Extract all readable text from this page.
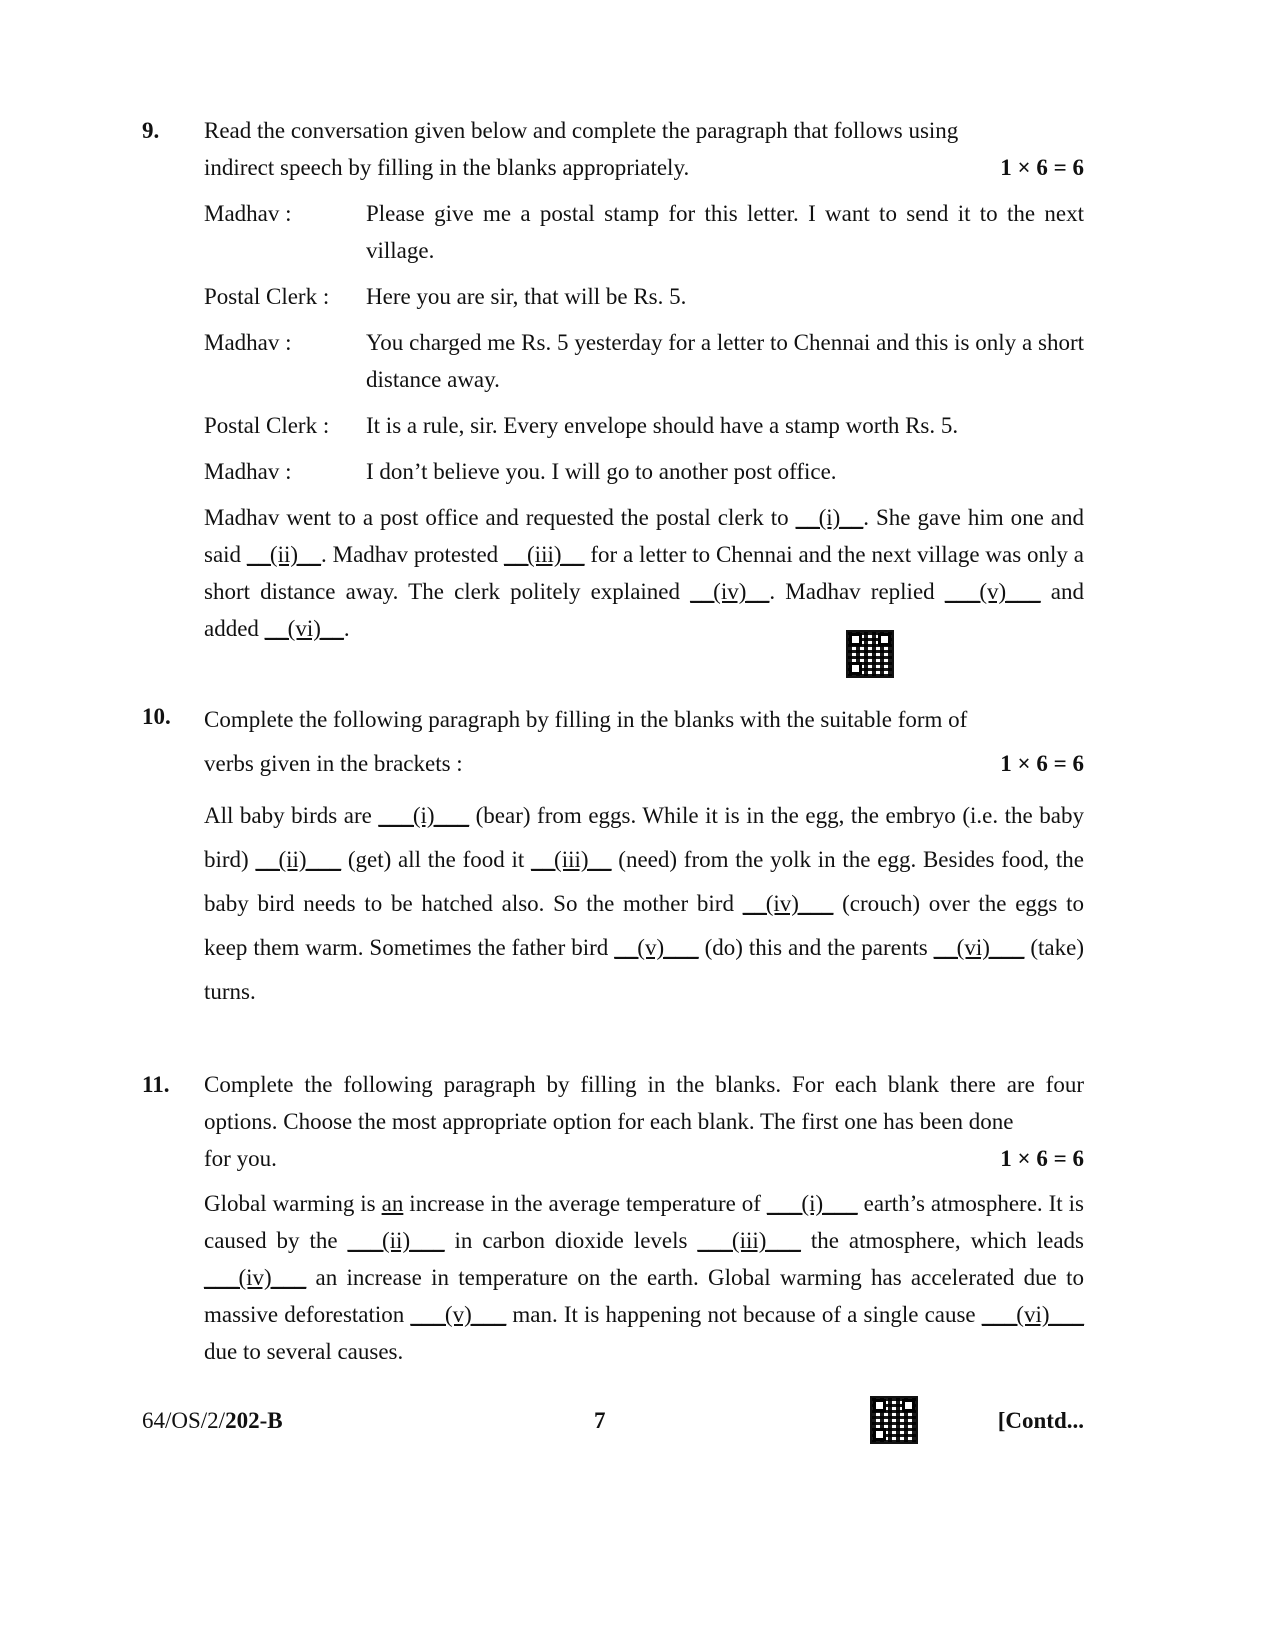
9. Read the conversation given below and complete the paragraph that follows using
indirect speech by filling in the blanks appropriately.	1 × 6 = 6
Madhav :	Please give me a postal stamp for this letter. I want to send it to the next village.
Postal Clerk :	Here you are sir, that will be Rs. 5.
Madhav :	You charged me Rs. 5 yesterday for a letter to Chennai and this is only a short distance away.
Postal Clerk :	It is a rule, sir. Every envelope should have a stamp worth Rs. 5.
Madhav :	I don’t believe you. I will go to another post office.
Madhav went to a post office and requested the postal clerk to __(i)__. She gave him one and said __(ii)__. Madhav protested __(iii)__ for a letter to Chennai and the next village was only a short distance away. The clerk politely explained __(iv)__. Madhav replied ___(v)___ and added __(vi)__.
10. Complete the following paragraph by filling in the blanks with the suitable form of
verbs given in the brackets :	1 × 6 = 6
All baby birds are ___(i)___ (bear) from eggs. While it is in the egg, the embryo (i.e. the baby bird) __(ii)___ (get) all the food it __(iii)__ (need) from the yolk in the egg. Besides food, the baby bird needs to be hatched also. So the mother bird __(iv)___ (crouch) over the eggs to keep them warm. Sometimes the father bird __(v)___ (do) this and the parents __(vi)___ (take) turns.
11. Complete the following paragraph by filling in the blanks. For each blank there are four options. Choose the most appropriate option for each blank. The first one has been done
for you.	1 × 6 = 6
Global warming is an increase in the average temperature of ___(i)___ earth’s atmosphere. It is caused by the ___(ii)___ in carbon dioxide levels ___(iii)___ the atmosphere, which leads ___(iv)___ an increase in temperature on the earth. Global warming has accelerated due to massive deforestation ___(v)___ man. It is happening not because of a single cause ___(vi)___ due to several causes.
64/OS/2/202-B	7	[Contd...
